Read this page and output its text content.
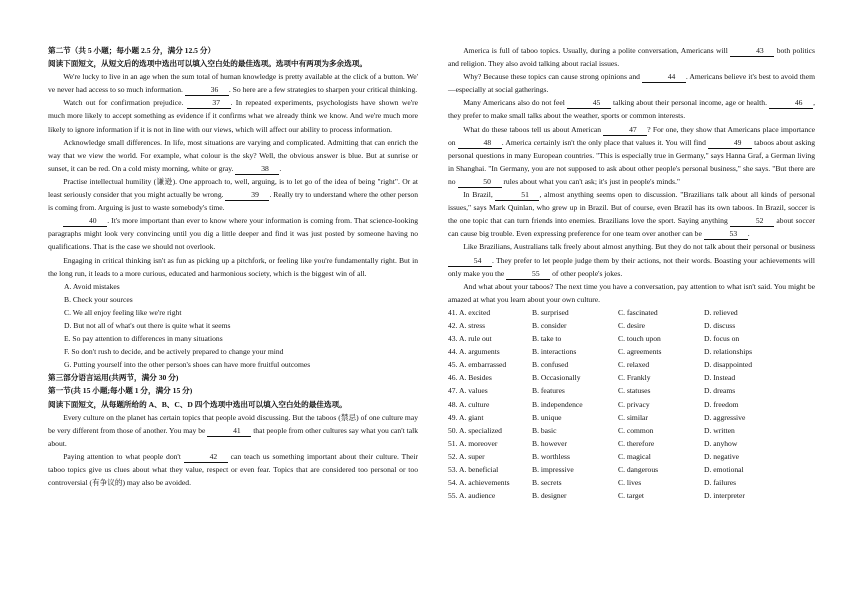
第二节（共 5 小题；每小题 2.5 分，满分 12.5 分）

阅读下面短文，从短文后的选项中选出可以填入空白处的最佳选项。选项中有两项为多余选项。

We're lucky to live in an age when the sum total of human knowledge is pretty available at the click of a button. We' ve never had access to so much information.	36 . So here are a few strategies to sharpen your critical thinking.

Watch out for confirmation prejudice.	37 . In repeated experiments, psychologists have shown we're much more likely to accept something as evidence if it confirms what we already think we know. And we're much more likely to ignore information if it is not in line with our views, which will affect our ability to process information.

Acknowledge small differences. In life, most situations are varying and complicated. Admitting that can enrich the way that we view the world. For example, what colour is the sky? Well, the obvious answer is blue. But at sunrise or sunset, it can be red. On a cold misty morning, white or gray.	38 .

Practise intellectual humility (谦逊). One approach to, well, arguing, is to let go of the idea of being "right". Or at least seriously consider that you might actually be wrong.	39 . Really try to understand where the other person is coming from. Arguing is just to waste somebody's time.

40 . It's more important than ever to know where your information is coming from. That science-looking paragraphs might look very convincing until you dig a little deeper and find it was just posted by someone having no qualifications. That is the case we should not overlook.

Engaging in critical thinking isn't as fun as picking up a pitchfork, or feeling like you're fundamentally right. But in the long run, it leads to a more curious, educated and harmonious society, which is the biggest win of all.

A. Avoid mistakes

B. Check your sources

C. We all enjoy feeling like we're right

D. But not all of what's out there is quite what it seems

E. So pay attention to differences in many situations

F. So don't rush to decide, and be actively prepared to change your mind

G. Putting yourself into the other person's shoes can have more fruitful outcomes

第三部分语言运用(共两节，满分 30 分)

第一节(共 15 小题;每小题 1 分，满分 15 分)

阅读下面短文，从每题所给的 A、B、C、D 四个选项中选出可以填入空白处的最佳选项。

Every culture on the planet has certain topics that people avoid discussing. But the taboos (禁忌) of one culture may be very different from those of another. You may be	41 that people from other cultures say what you can't talk about.

Paying attention to what people don't	42 can teach us something important about their culture. Their taboo topics give us clues about what they value, respect or even fear. Topics that are considered too personal or too controversial (有争议的) may also be avoided.

America is full of taboo topics. Usually, during a polite conversation, Americans will	43 both politics and religion. They also avoid talking about racial issues.

Why? Because these topics can cause strong opinions and	44 . Americans believe it's best to avoid them—especially at social gatherings.

Many Americans also do not feel	45 talking about their personal income, age or health.	46 , they prefer to make small talks about the weather, sports or common interests.

What do these taboos tell us about American	47 ? For one, they show that Americans place importance on	48 . America certainly isn't the only place that values it. You will find	49 taboos about asking personal questions in many European countries. "This is especially true in Germany," says Hanna Graf, a German living in Shanghai. "In Germany, you are not supposed to ask about other people's personal business," she says. "But there are no	50 rules about what you can't ask; it's just in people's minds."

In Brazil,	51 , almost anything seems open to discussion. "Brazilians talk about all kinds of personal issues," says Mark Quinlan, who grew up in Brazil. But of course, even Brazil has its own taboos. In Brazil, soccer is the one topic that can turn friends into enemies. Brazilians love the sport. Saying anything	52 about soccer can cause big trouble. Even expressing preference for one team over another can be	53 .

Like Brazilians, Australians talk freely about almost anything. But they do not talk about their personal or business 54 . They prefer to let people judge them by their actions, not their words. Boasting your achievements will only make you the	55 of other people's jokes.

And what about your taboos? The next time you have a conversation, pay attention to what isn't said. You might be amazed at what you learn about your own culture.

41. A. excited	B. surprised	C. fascinated	D. relieved

42. A. stress	B. consider	C. desire	D. discuss

43. A. rule out	B. take to	C. touch upon	D. focus on

44. A. arguments	B. interactions	C. agreements	D. relationships

45. A. embarrassed	B. confused	C. relaxed	D. disappointed

46. A. Besides	B. Occasionally	C. Frankly	D. Instead

47. A. values	B. features	C. statuses	D. dreams

48. A. culture	B. independence	C. privacy	D. freedom

49. A. giant	B. unique	C. similar	D. aggressive

50. A. specialized	B. basic	C. common	D. written

51. A. moreover	B. however	C. therefore	D. anyhow

52. A. super	B. worthless	C. magical	D. negative

53. A. beneficial	B. impressive	C. dangerous	D. emotional

54. A. achievements	B. secrets	C. lives	D. failures

55. A. audience	B. designer	C. target	D. interpreter
